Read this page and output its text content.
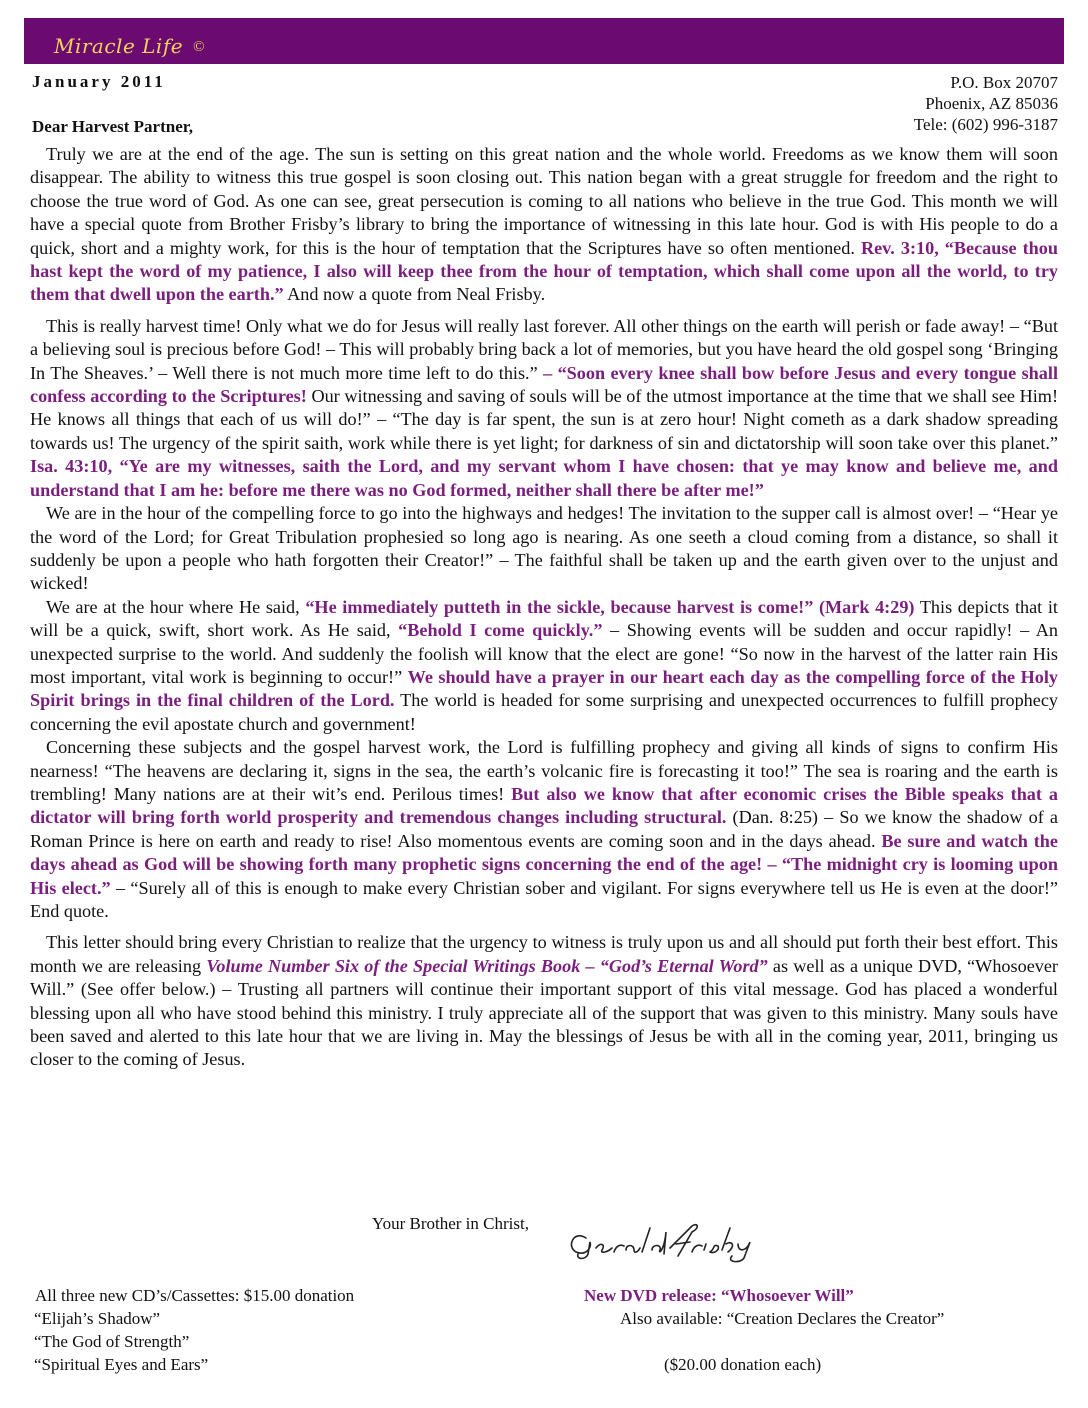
Miracle Life ©
January 2011	P.O. Box 20707
Phoenix, AZ 85036
Tele: (602) 996-3187
Dear Harvest Partner,

Truly we are at the end of the age. The sun is setting on this great nation and the whole world. Freedoms as we know them will soon disappear. The ability to witness this true gospel is soon closing out. This nation began with a great struggle for freedom and the right to choose the true word of God. As one can see, great persecution is coming to all nations who believe in the true God. This month we will have a special quote from Brother Frisby’s library to bring the importance of witnessing in this late hour. God is with His people to do a quick, short and a mighty work, for this is the hour of temptation that the Scriptures have so often mentioned. Rev. 3:10, “Because thou hast kept the word of my patience, I also will keep thee from the hour of temptation, which shall come upon all the world, to try them that dwell upon the earth.” And now a quote from Neal Frisby.

This is really harvest time! Only what we do for Jesus will really last forever. All other things on the earth will perish or fade away! – “But a believing soul is precious before God! – This will probably bring back a lot of memories, but you have heard the old gospel song ‘Bringing In The Sheaves.’ – Well there is not much more time left to do this.” – “Soon every knee shall bow before Jesus and every tongue shall confess according to the Scriptures! Our witnessing and saving of souls will be of the utmost importance at the time that we shall see Him! He knows all things that each of us will do!” – “The day is far spent, the sun is at zero hour! Night cometh as a dark shadow spreading towards us! The urgency of the spirit saith, work while there is yet light; for darkness of sin and dictatorship will soon take over this planet.” Isa. 43:10, “Ye are my witnesses, saith the Lord, and my servant whom I have chosen: that ye may know and believe me, and understand that I am he: before me there was no God formed, neither shall there be after me!”

We are in the hour of the compelling force to go into the highways and hedges! The invitation to the supper call is almost over! – “Hear ye the word of the Lord; for Great Tribulation prophesied so long ago is nearing. As one seeth a cloud coming from a distance, so shall it suddenly be upon a people who hath forgotten their Creator!” – The faithful shall be taken up and the earth given over to the unjust and wicked!

We are at the hour where He said, “He immediately putteth in the sickle, because harvest is come!” (Mark 4:29) This depicts that it will be a quick, swift, short work. As He said, “Behold I come quickly.” – Showing events will be sudden and occur rapidly! – An unexpected surprise to the world. And suddenly the foolish will know that the elect are gone! “So now in the harvest of the latter rain His most important, vital work is beginning to occur!” We should have a prayer in our heart each day as the compelling force of the Holy Spirit brings in the final children of the Lord. The world is headed for some surprising and unexpected occurrences to fulfill prophecy concerning the evil apostate church and government!

Concerning these subjects and the gospel harvest work, the Lord is fulfilling prophecy and giving all kinds of signs to confirm His nearness! “The heavens are declaring it, signs in the sea, the earth’s volcanic fire is forecasting it too!” The sea is roaring and the earth is trembling! Many nations are at their wit’s end. Perilous times! But also we know that after economic crises the Bible speaks that a dictator will bring forth world prosperity and tremendous changes including structural. (Dan. 8:25) – So we know the shadow of a Roman Prince is here on earth and ready to rise! Also momentous events are coming soon and in the days ahead. Be sure and watch the days ahead as God will be showing forth many prophetic signs concerning the end of the age! – “The midnight cry is looming upon His elect.” – “Surely all of this is enough to make every Christian sober and vigilant. For signs everywhere tell us He is even at the door!” End quote.

This letter should bring every Christian to realize that the urgency to witness is truly upon us and all should put forth their best effort. This month we are releasing Volume Number Six of the Special Writings Book – “God’s Eternal Word” as well as a unique DVD, “Whosoever Will.” (See offer below.) – Trusting all partners will continue their important support of this vital message. God has placed a wonderful blessing upon all who have stood behind this ministry. I truly appreciate all of the support that was given to this ministry. Many souls have been saved and alerted to this late hour that we are living in. May the blessings of Jesus be with all in the coming year, 2011, bringing us closer to the coming of Jesus.

Your Brother in Christ,
All three new CD’s/Cassettes: $15.00 donation
“Elijah’s Shadow”
“The God of Strength”
“Spiritual Eyes and Ears”
New DVD release: “Whosoever Will”
Also available: “Creation Declares the Creator”
($20.00 donation each)
